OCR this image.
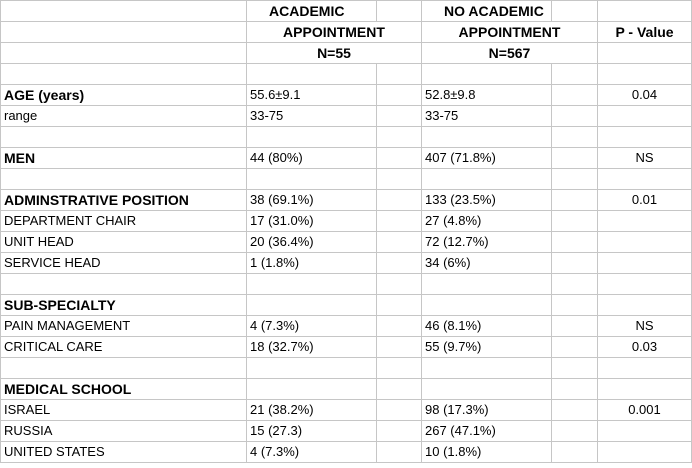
	ACADEMIC		NO ACADEMIC		
	APPOINTMENT		APPOINTMENT		P - Value
	N=55		N=567		

AGE (years)	55.6±9.1		52.8±9.8		0.04
range	33-75		33-75		

MEN	44 (80%)		407 (71.8%)		NS

ADMINSTRATIVE POSITION	38 (69.1%)		133 (23.5%)		0.01
DEPARTMENT CHAIR	17 (31.0%)		27 (4.8%)		
UNIT HEAD	20 (36.4%)		72 (12.7%)		
SERVICE HEAD	1 (1.8%)		34 (6%)		

SUB-SPECIALTY					
PAIN MANAGEMENT	4 (7.3%)		46 (8.1%)		NS
CRITICAL CARE	18 (32.7%)		55 (9.7%)		0.03

MEDICAL SCHOOL					
ISRAEL	21 (38.2%)		98 (17.3%)		0.001
RUSSIA	15 (27.3)		267 (47.1%)		
UNITED STATES	4 (7.3%)		10 (1.8%)		
